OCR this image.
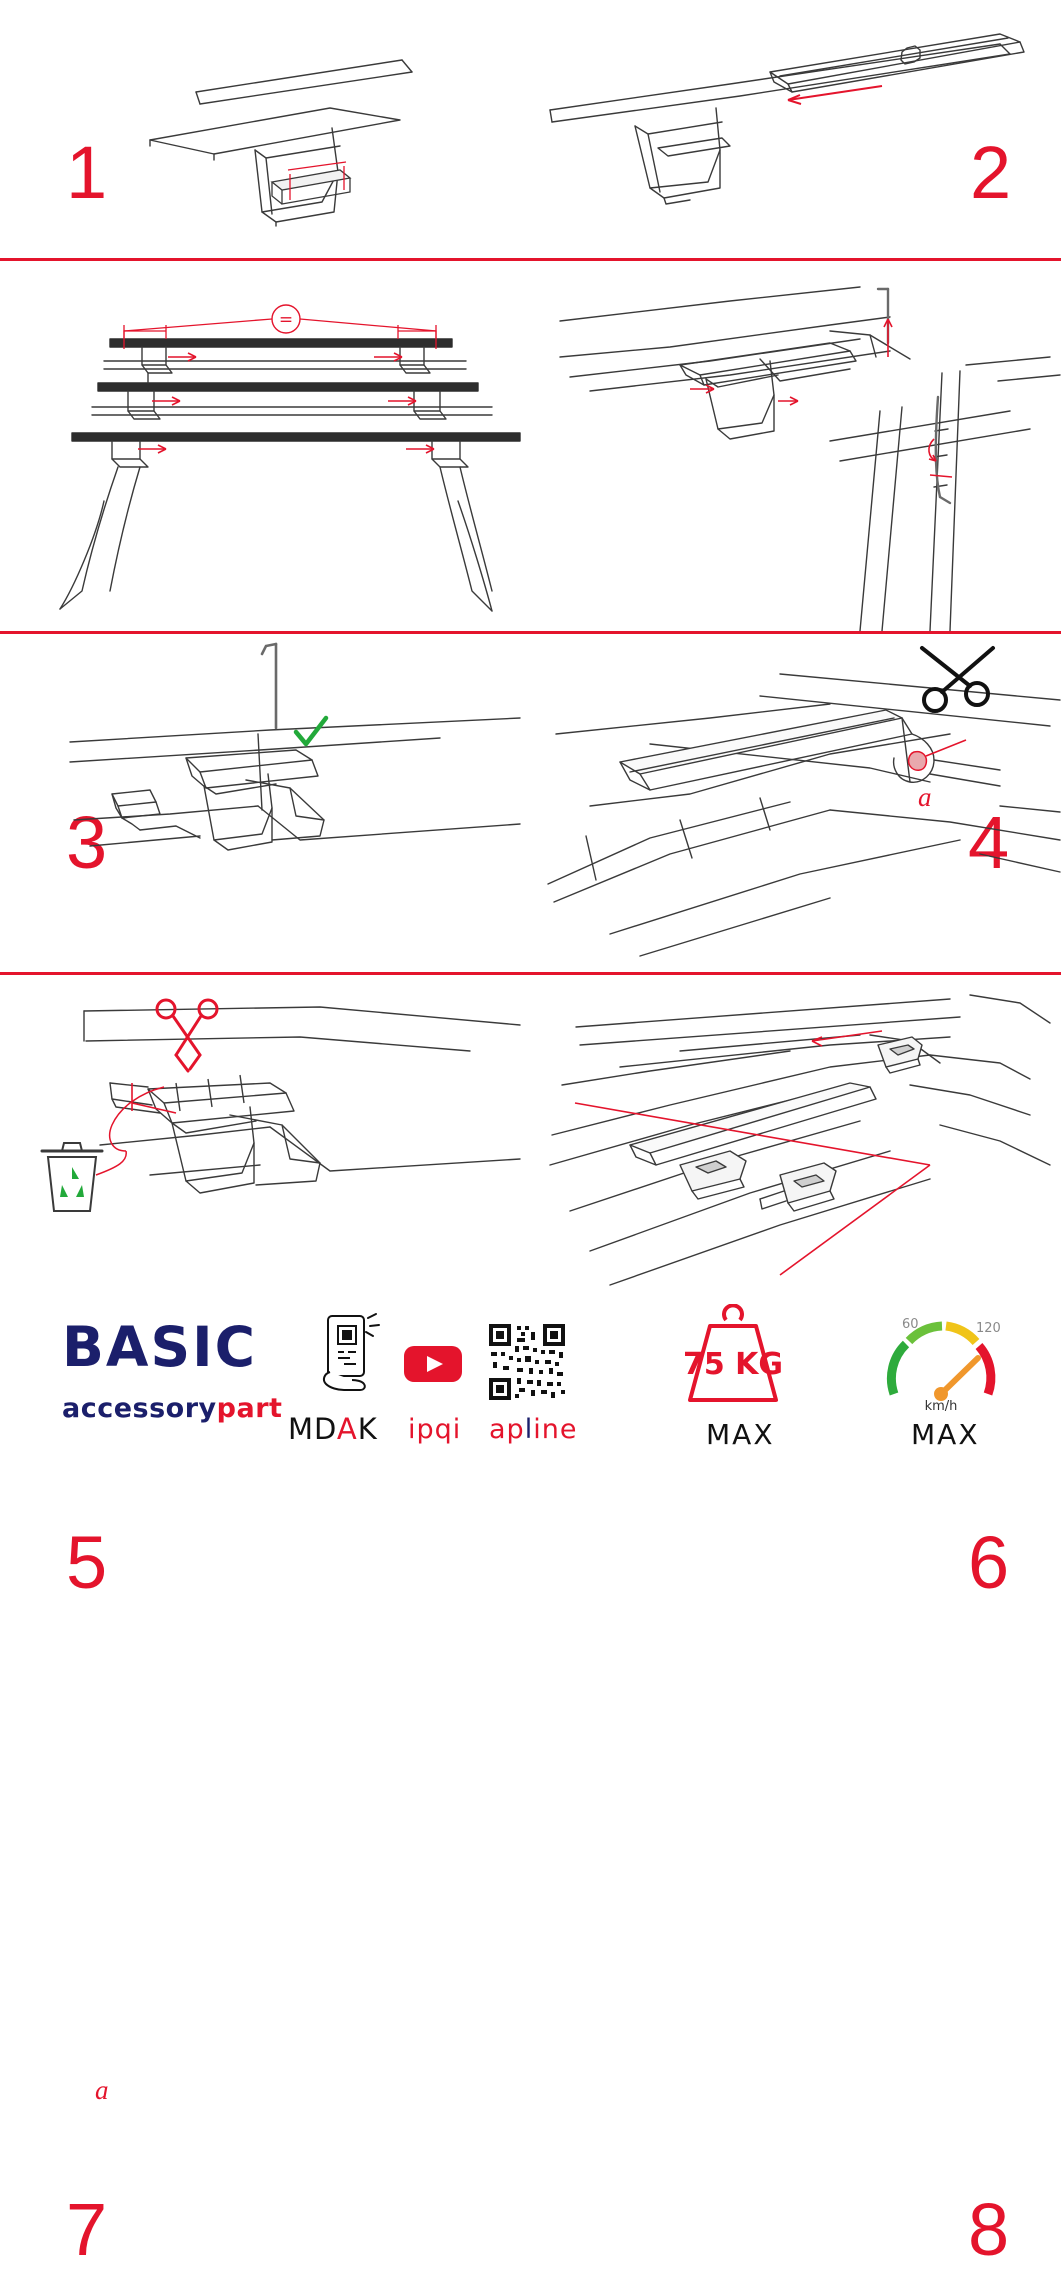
1	2
=
3	4
5
a
6
a
7	8
BASIC
accessorypart
MDAK ipqi apline
75 KG
MAX
60	120
km/h
MAX
